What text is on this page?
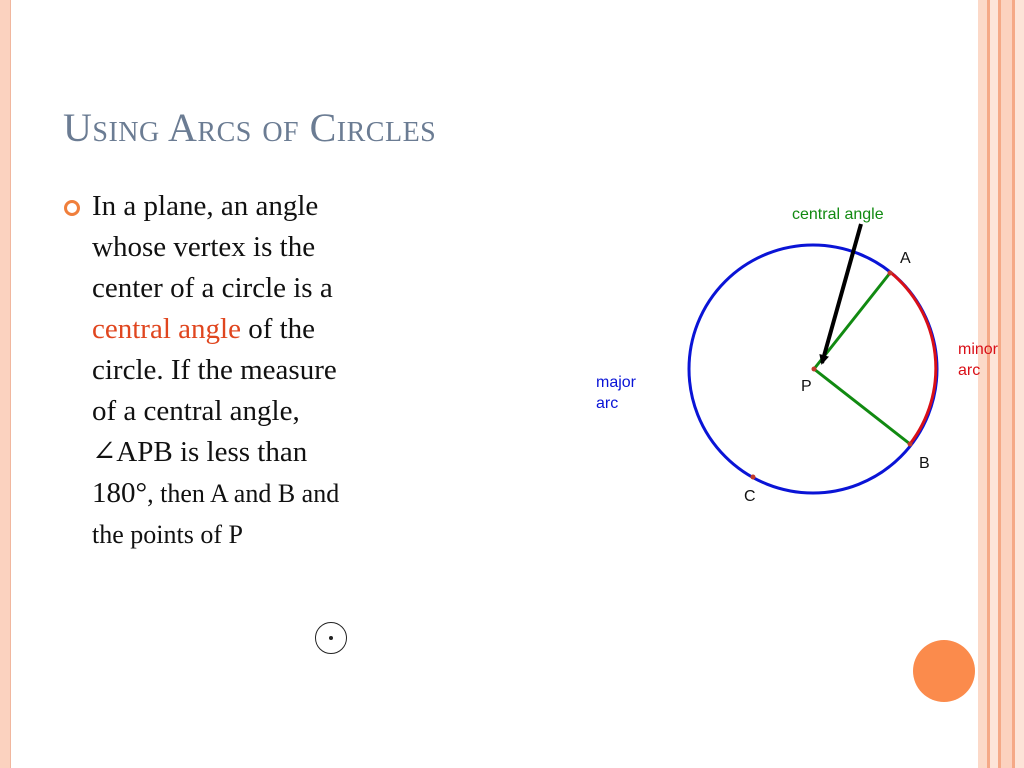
Using Arcs of Circles
In a plane, an angle
whose vertex is the
center of a circle is a
central angle of the
circle. If the measure
of a central angle,
∠APB is less than
180°, then A and B and
the points of P
central angle
A
B
C
P
minor
arc
major
arc
